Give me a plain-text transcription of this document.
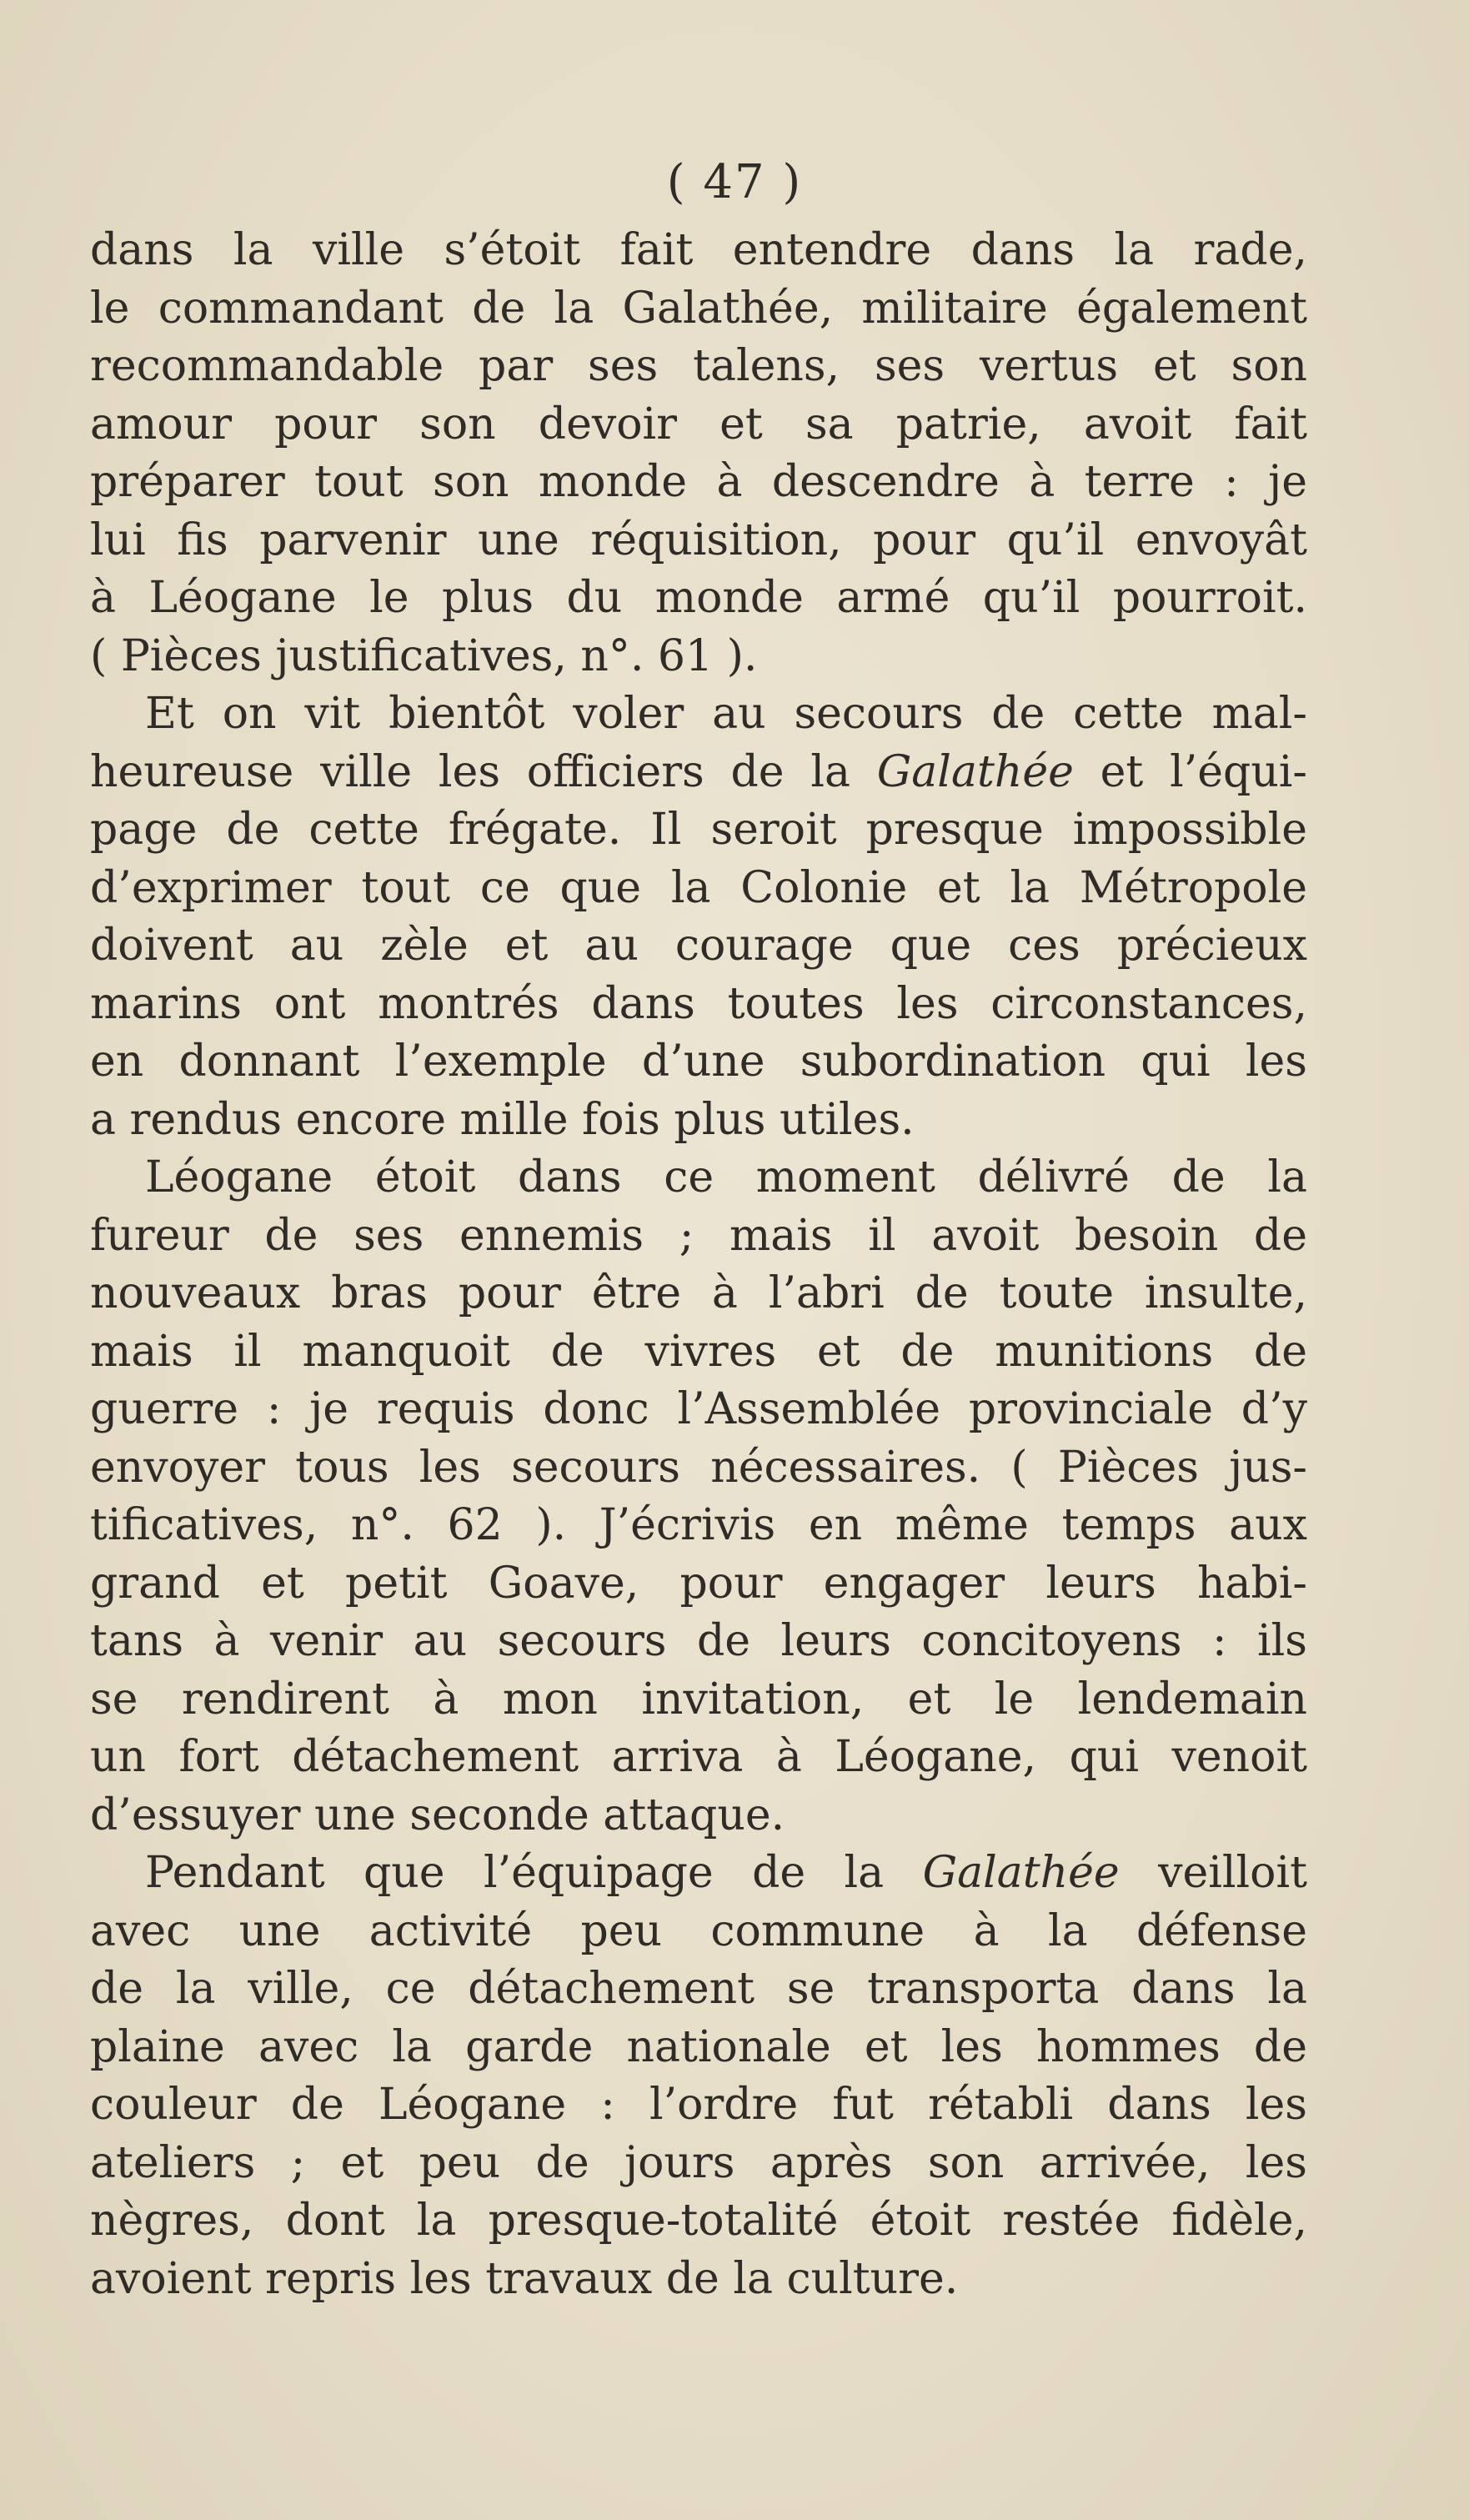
( 47 )
dans la ville s’étoit fait entendre dans la rade,
le commandant de la Galathée, militaire également
recommandable par ses talens, ses vertus et son
amour pour son devoir et sa patrie, avoit fait
préparer tout son monde à descendre à terre : je
lui fis parvenir une réquisition, pour qu’il envoyât
à Léogane le plus du monde armé qu’il pourroit.
( Pièces justificatives, n°. 61 ).
Et on vit bientôt voler au secours de cette mal-
heureuse ville les officiers de la Galathée et l’équi-
page de cette frégate. Il seroit presque impossible
d’exprimer tout ce que la Colonie et la Métropole
doivent au zèle et au courage que ces précieux
marins ont montrés dans toutes les circonstances,
en donnant l’exemple d’une subordination qui les
a rendus encore mille fois plus utiles.
Léogane étoit dans ce moment délivré de la
fureur de ses ennemis ; mais il avoit besoin de
nouveaux bras pour être à l’abri de toute insulte,
mais il manquoit de vivres et de munitions de
guerre : je requis donc l’Assemblée provinciale d’y
envoyer tous les secours nécessaires. ( Pièces jus-
tificatives, n°. 62 ). J’écrivis en même temps aux
grand et petit Goave, pour engager leurs habi-
tans à venir au secours de leurs concitoyens : ils
se rendirent à mon invitation, et le lendemain
un fort détachement arriva à Léogane, qui venoit
d’essuyer une seconde attaque.
Pendant que l’équipage de la Galathée veilloit
avec une activité peu commune à la défense
de la ville, ce détachement se transporta dans la
plaine avec la garde nationale et les hommes de
couleur de Léogane : l’ordre fut rétabli dans les
ateliers ; et peu de jours après son arrivée, les
nègres, dont la presque-totalité étoit restée fidèle,
avoient repris les travaux de la culture.
